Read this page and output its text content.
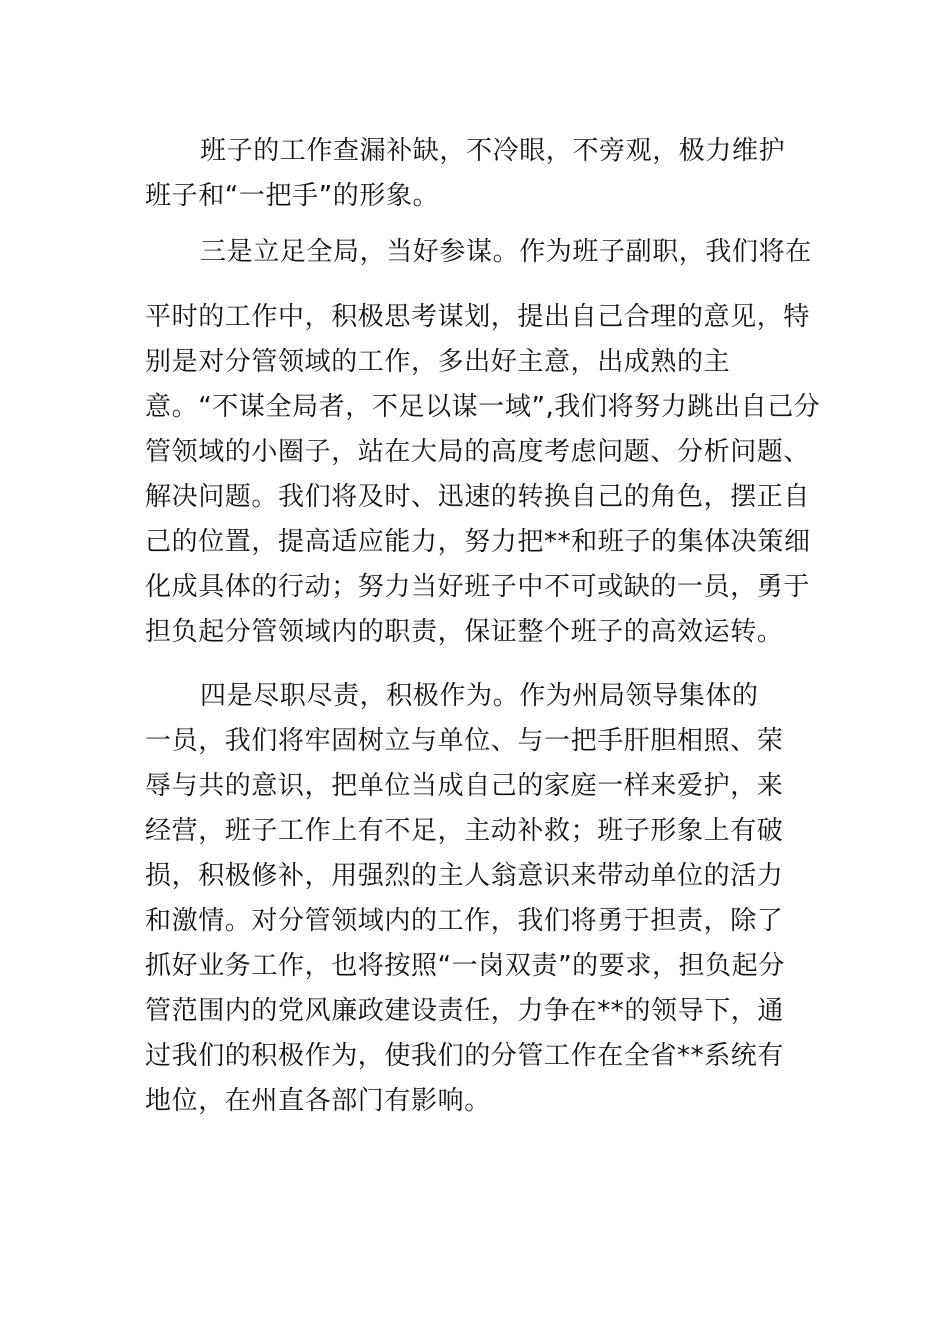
班子的工作查漏补缺，不冷眼，不旁观，极力维护

班子和“一把手”的形象。

三是立足全局，当好参谋。作为班子副职，我们将在

平时的工作中，积极思考谋划，提出自己合理的意见，特

别是对分管领域的工作，多出好主意，出成熟的主

意。“不谋全局者，不足以谋一域”,我们将努力跳出自己分

管领域的小圈子，站在大局的高度考虑问题、分析问题、

解决问题。我们将及时、迅速的转换自己的角色，摆正自

己的位置，提高适应能力，努力把**和班子的集体决策细

化成具体的行动；努力当好班子中不可或缺的一员，勇于

担负起分管领域内的职责，保证整个班子的高效运转。

四是尽职尽责，积极作为。作为州局领导集体的

一员，我们将牢固树立与单位、与一把手肝胆相照、荣

辱与共的意识，把单位当成自己的家庭一样来爱护，来

经营，班子工作上有不足，主动补救；班子形象上有破

损，积极修补，用强烈的主人翁意识来带动单位的活力

和激情。对分管领域内的工作，我们将勇于担责，除了

抓好业务工作，也将按照“一岗双责”的要求，担负起分

管范围内的党风廉政建设责任，力争在**的领导下，通

过我们的积极作为，使我们的分管工作在全省**系统有

地位，在州直各部门有影响。
